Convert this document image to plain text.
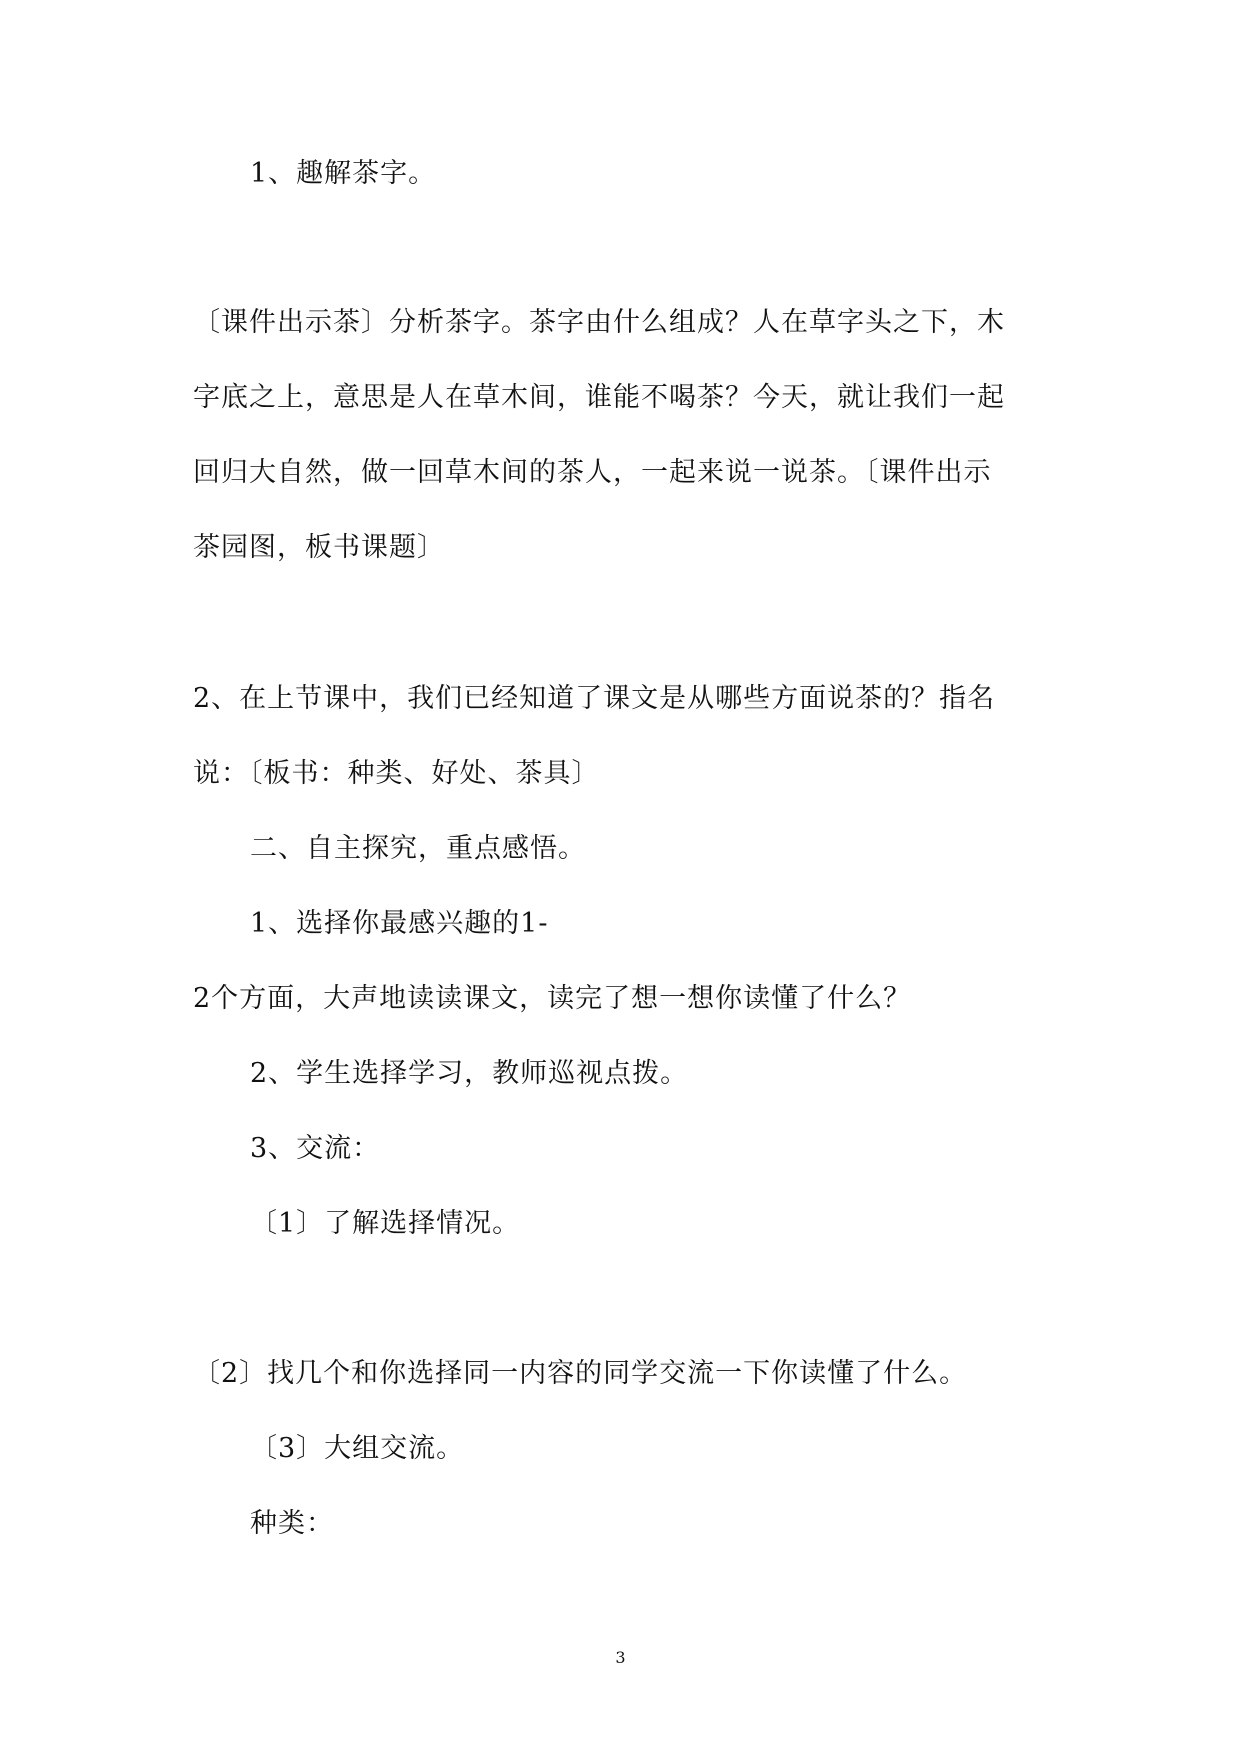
1、趣解茶字。
〔课件出示茶〕分析茶字。茶字由什么组成？人在草字头之下，木
字底之上，意思是人在草木间，谁能不喝茶？今天，就让我们一起
回归大自然，做一回草木间的茶人，一起来说一说茶。〔课件出示
茶园图，板书课题〕
2、在上节课中，我们已经知道了课文是从哪些方面说茶的？指名
说：〔板书：种类、好处、茶具〕
二、自主探究，重点感悟。
1、选择你最感兴趣的1-
2个方面，大声地读读课文，读完了想一想你读懂了什么？
2、学生选择学习，教师巡视点拨。
3、交流：
〔1〕了解选择情况。
〔2〕找几个和你选择同一内容的同学交流一下你读懂了什么。
〔3〕大组交流。
种类：
3
